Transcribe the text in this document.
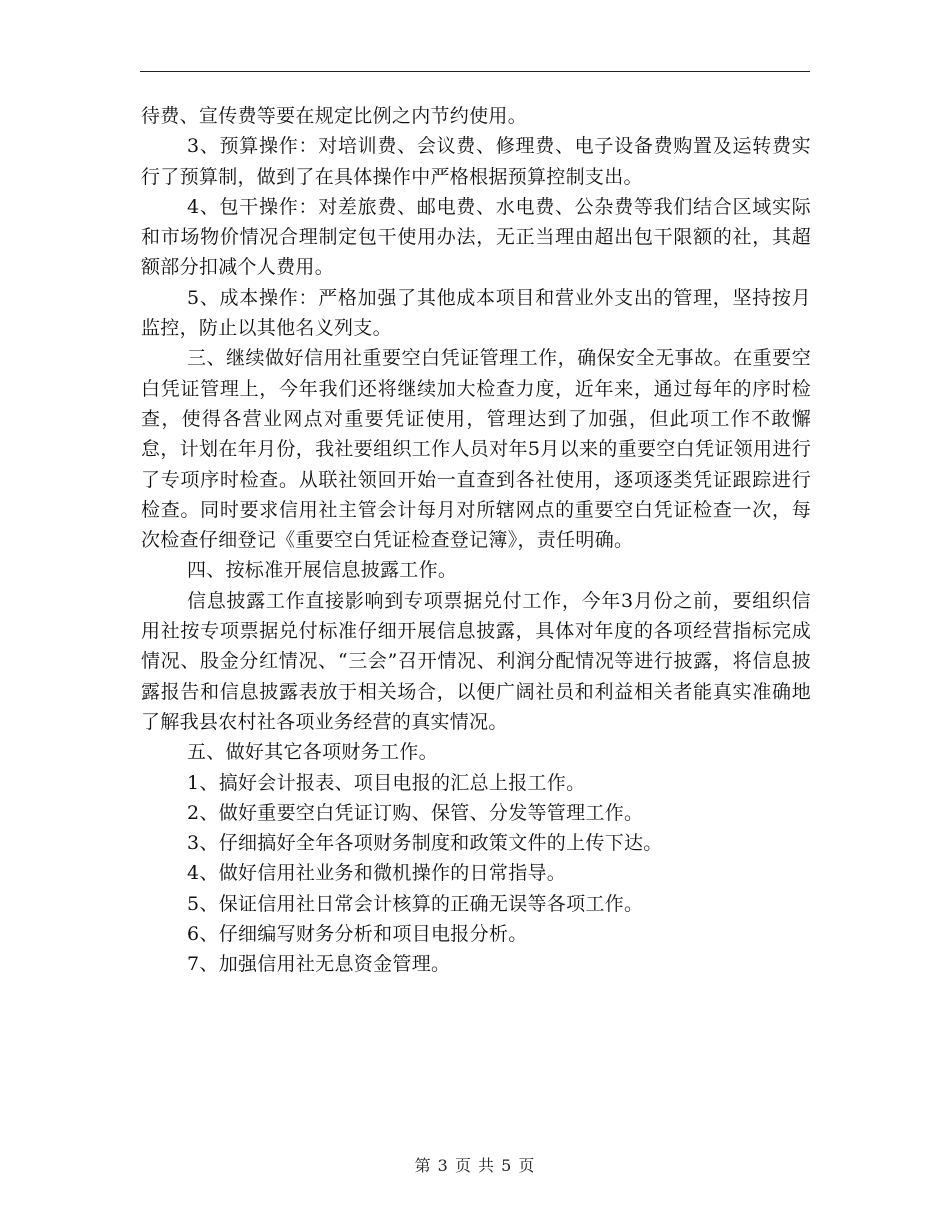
待费、宣传费等要在规定比例之内节约使用。

3、预算操作：对培训费、会议费、修理费、电子设备费购置及运转费实行了预算制，做到了在具体操作中严格根据预算控制支出。

4、包干操作：对差旅费、邮电费、水电费、公杂费等我们结合区域实际和市场物价情况合理制定包干使用办法，无正当理由超出包干限额的社，其超额部分扣减个人费用。

5、成本操作：严格加强了其他成本项目和营业外支出的管理，坚持按月监控，防止以其他名义列支。

三、继续做好信用社重要空白凭证管理工作，确保安全无事故。在重要空白凭证管理上，今年我们还将继续加大检查力度，近年来，通过每年的序时检查，使得各营业网点对重要凭证使用，管理达到了加强，但此项工作不敢懈怠，计划在年月份，我社要组织工作人员对年5月以来的重要空白凭证领用进行了专项序时检查。从联社领回开始一直查到各社使用，逐项逐类凭证跟踪进行检查。同时要求信用社主管会计每月对所辖网点的重要空白凭证检查一次，每次检查仔细登记《重要空白凭证检查登记簿》，责任明确。

四、按标准开展信息披露工作。

信息披露工作直接影响到专项票据兑付工作，今年3月份之前，要组织信用社按专项票据兑付标准仔细开展信息披露，具体对年度的各项经营指标完成情况、股金分红情况、“三会”召开情况、利润分配情况等进行披露，将信息披露报告和信息披露表放于相关场合，以便广阔社员和利益相关者能真实准确地了解我县农村社各项业务经营的真实情况。

五、做好其它各项财务工作。

1、搞好会计报表、项目电报的汇总上报工作。

2、做好重要空白凭证订购、保管、分发等管理工作。

3、仔细搞好全年各项财务制度和政策文件的上传下达。

4、做好信用社业务和微机操作的日常指导。

5、保证信用社日常会计核算的正确无误等各项工作。

6、仔细编写财务分析和项目电报分析。

7、加强信用社无息资金管理。

第 3 页 共 5 页
